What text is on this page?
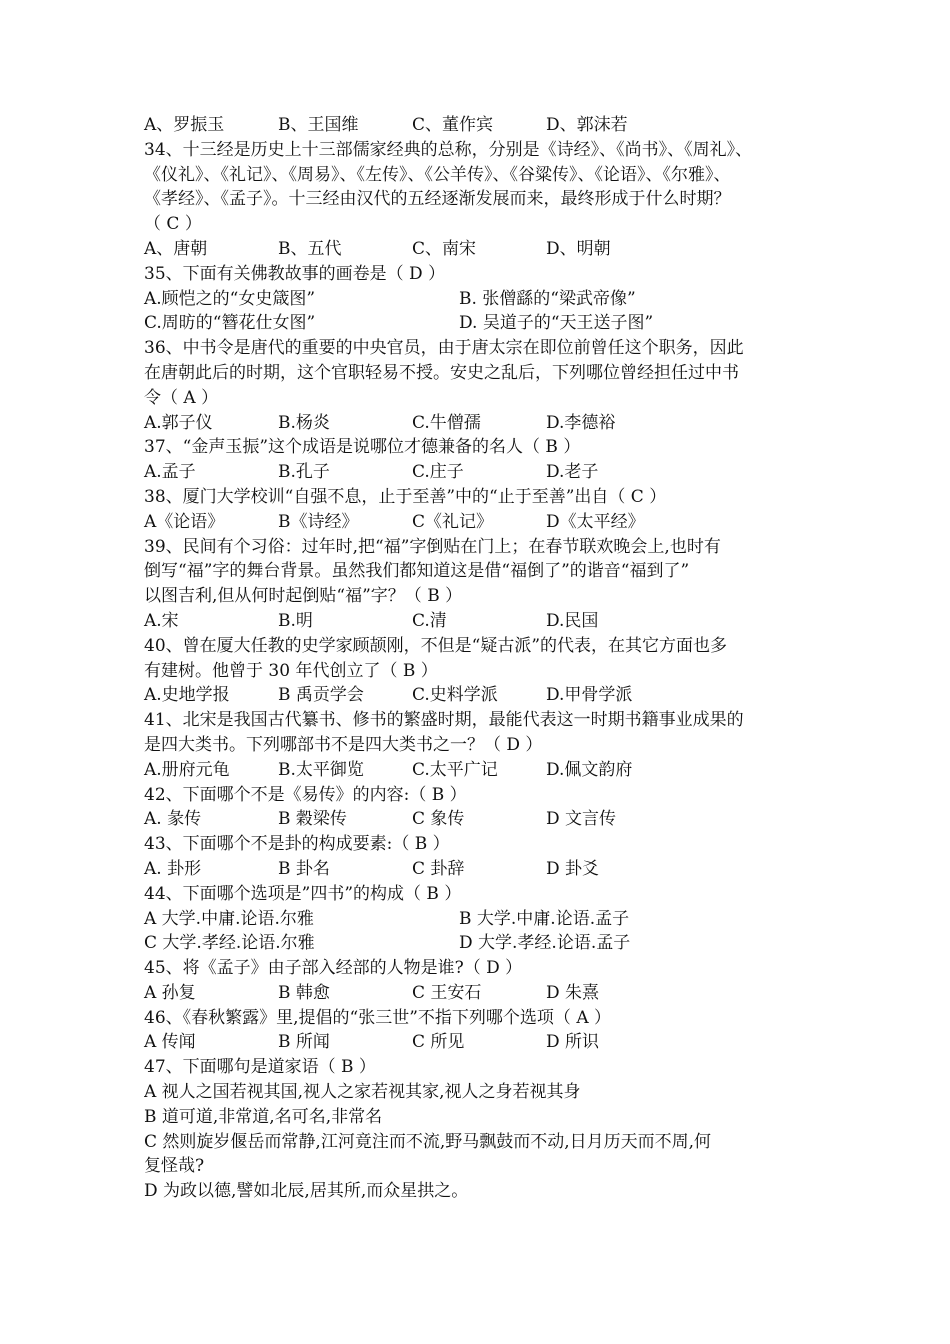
A、罗振玉	B、王国维	C、董作宾	D、郭沫若
34、十三经是历史上十三部儒家经典的总称，分别是《诗经》、《尚书》、《周礼》、
《仪礼》、《礼记》、《周易》、《左传》、《公羊传》、《谷粱传》、《论语》、《尔雅》、
《孝经》、《孟子》。十三经由汉代的五经逐渐发展而来，最终形成于什么时期？
（ C ）
A、唐朝	B、五代	C、南宋	D、明朝
35、下面有关佛教故事的画卷是（ D ）
A.顾恺之的“女史箴图”	B. 张僧繇的“梁武帝像”
C.周昉的“簪花仕女图”	D. 吴道子的“天王送子图”
36、中书令是唐代的重要的中央官员，由于唐太宗在即位前曾任这个职务，因此
在唐朝此后的时期，这个官职轻易不授。安史之乱后，下列哪位曾经担任过中书
令（ A ）
A.郭子仪	B.杨炎	C.牛僧孺	D.李德裕
37、“金声玉振”这个成语是说哪位才德兼备的名人（ B ）
A.孟子	B.孔子	C.庄子	D.老子
38、厦门大学校训“自强不息，止于至善”中的“止于至善”出自（ C ）
A《论语》	B《诗经》	C《礼记》	D《太平经》
39、民间有个习俗：过年时,把“福”字倒贴在门上；在春节联欢晚会上,也时有
倒写“福”字的舞台背景。虽然我们都知道这是借“福倒了”的谐音“福到了”
以图吉利,但从何时起倒贴“福”字？（ B ）
A.宋	B.明	C.清	D.民国
40、曾在厦大任教的史学家顾颉刚，不但是“疑古派”的代表，在其它方面也多
有建树。他曾于 30 年代创立了（ B ）
A.史地学报	B 禹贡学会	C.史料学派	D.甲骨学派
41、北宋是我国古代纂书、修书的繁盛时期，最能代表这一时期书籍事业成果的
是四大类书。下列哪部书不是四大类书之一？（ D ）
A.册府元龟	B.太平御览	C.太平广记	D.佩文韵府
42、下面哪个不是《易传》的内容:（ B ）
A. 彖传	B 穀梁传	C 象传	D 文言传
43、下面哪个不是卦的构成要素:（ B ）
A. 卦形	B 卦名	C 卦辞	D 卦爻
44、下面哪个选项是”四书”的构成（ B ）
A 大学.中庸.论语.尔雅	B 大学.中庸.论语.孟子
C 大学.孝经.论语.尔雅	D 大学.孝经.论语.孟子
45、将《孟子》由子部入经部的人物是谁?（ D ）
A 孙复	B 韩愈	C 王安石	D 朱熹
46、《春秋繁露》里,提倡的“张三世”不指下列哪个选项（ A ）
A 传闻	B 所闻	C 所见	D 所识
47、下面哪句是道家语（ B ）
A 视人之国若视其国,视人之家若视其家,视人之身若视其身
B 道可道,非常道,名可名,非常名
C 然则旋岁偃岳而常静,江河竟注而不流,野马飘鼓而不动,日月历天而不周,何
复怪哉?
D 为政以德,譬如北辰,居其所,而众星拱之。
